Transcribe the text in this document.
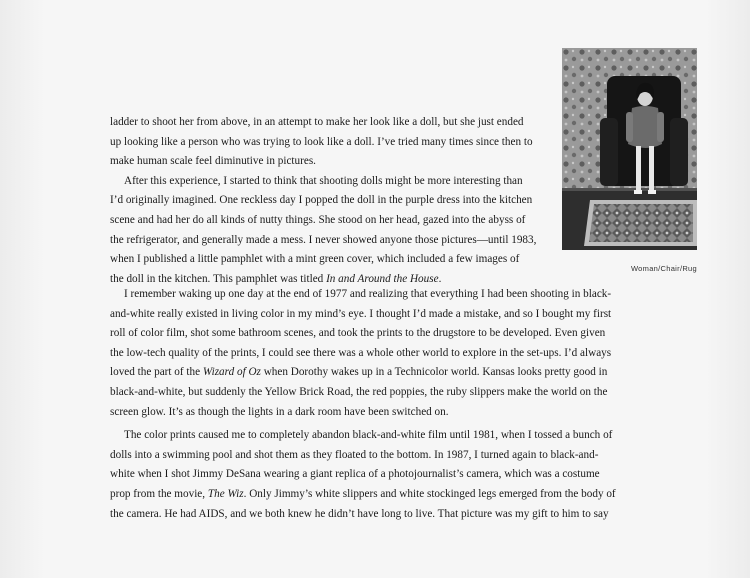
Woman/Chair/Rug

ladder to shoot her from above, in an attempt to make her look like a doll, but she just ended
up looking like a person who was trying to look like a doll. I’ve tried many times since then to
make human scale feel diminutive in pictures.

After this experience, I started to think that shooting dolls might be more interesting than
I’d originally imagined. One reckless day I popped the doll in the purple dress into the kitchen
scene and had her do all kinds of nutty things. She stood on her head, gazed into the abyss of
the refrigerator, and generally made a mess. I never showed anyone those pictures—until 1983,
when I published a little pamphlet with a mint green cover, which included a few images of
the doll in the kitchen. This pamphlet was titled In and Around the House.

I remember waking up one day at the end of 1977 and realizing that everything I had been shooting in black-
and-white really existed in living color in my mind’s eye. I thought I’d made a mistake, and so I bought my first
roll of color film, shot some bathroom scenes, and took the prints to the drugstore to be developed. Even given
the low-tech quality of the prints, I could see there was a whole other world to explore in the set-ups. I’d always
loved the part of the Wizard of Oz when Dorothy wakes up in a Technicolor world. Kansas looks pretty good in
black-and-white, but suddenly the Yellow Brick Road, the red poppies, the ruby slippers make the world on the
screen glow. It’s as though the lights in a dark room have been switched on.

The color prints caused me to completely abandon black-and-white film until 1981, when I tossed a bunch of
dolls into a swimming pool and shot them as they floated to the bottom. In 1987, I turned again to black-and-
white when I shot Jimmy DeSana wearing a giant replica of a photojournalist’s camera, which was a costume
prop from the movie, The Wiz. Only Jimmy’s white slippers and white stockinged legs emerged from the body of
the camera. He had AIDS, and we both knew he didn’t have long to live. That picture was my gift to him to say
